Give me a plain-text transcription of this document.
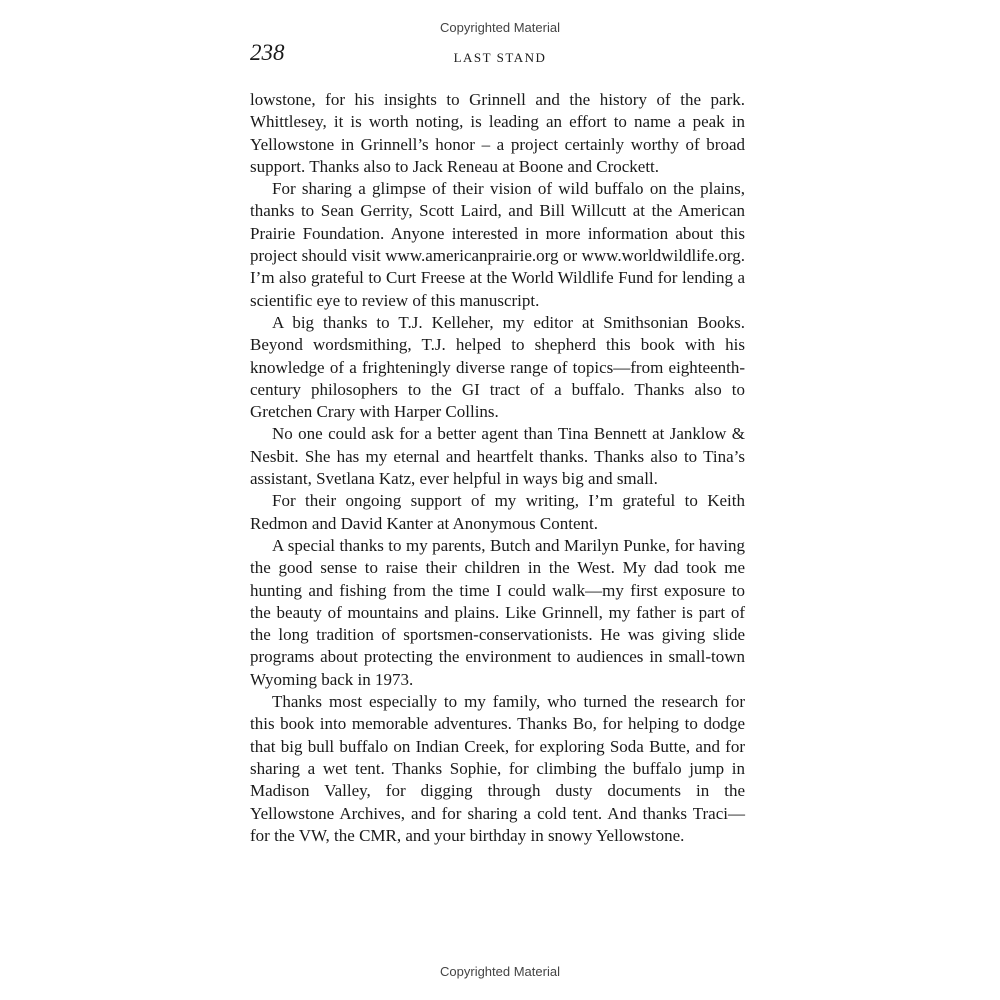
Copyrighted Material
238	LAST STAND

lowstone, for his insights to Grinnell and the history of the park. Whittlesey, it is worth noting, is leading an effort to name a peak in Yellowstone in Grinnell’s honor – a project certainly worthy of broad support. Thanks also to Jack Reneau at Boone and Crockett.

For sharing a glimpse of their vision of wild buffalo on the plains, thanks to Sean Gerrity, Scott Laird, and Bill Willcutt at the American Prairie Foundation. Anyone interested in more information about this project should visit www.americanprairie.org or www.worldwildlife.org. I’m also grateful to Curt Freese at the World Wildlife Fund for lending a scientific eye to review of this manuscript.

A big thanks to T.J. Kelleher, my editor at Smithsonian Books. Beyond wordsmithing, T.J. helped to shepherd this book with his knowledge of a frighteningly diverse range of topics—from eighteenth-century philosophers to the GI tract of a buffalo. Thanks also to Gretchen Crary with Harper Collins.

No one could ask for a better agent than Tina Bennett at Janklow & Nesbit. She has my eternal and heartfelt thanks. Thanks also to Tina’s assistant, Svetlana Katz, ever helpful in ways big and small.

For their ongoing support of my writing, I’m grateful to Keith Redmon and David Kanter at Anonymous Content.

A special thanks to my parents, Butch and Marilyn Punke, for having the good sense to raise their children in the West. My dad took me hunting and fishing from the time I could walk—my first exposure to the beauty of mountains and plains. Like Grinnell, my father is part of the long tradition of sportsmen-conservationists. He was giving slide programs about protecting the environment to audiences in small-town Wyoming back in 1973.

Thanks most especially to my family, who turned the research for this book into memorable adventures. Thanks Bo, for helping to dodge that big bull buffalo on Indian Creek, for exploring Soda Butte, and for sharing a wet tent. Thanks Sophie, for climbing the buffalo jump in Madison Valley, for digging through dusty documents in the Yellowstone Archives, and for sharing a cold tent. And thanks Traci—for the VW, the CMR, and your birthday in snowy Yellowstone.

Copyrighted Material
